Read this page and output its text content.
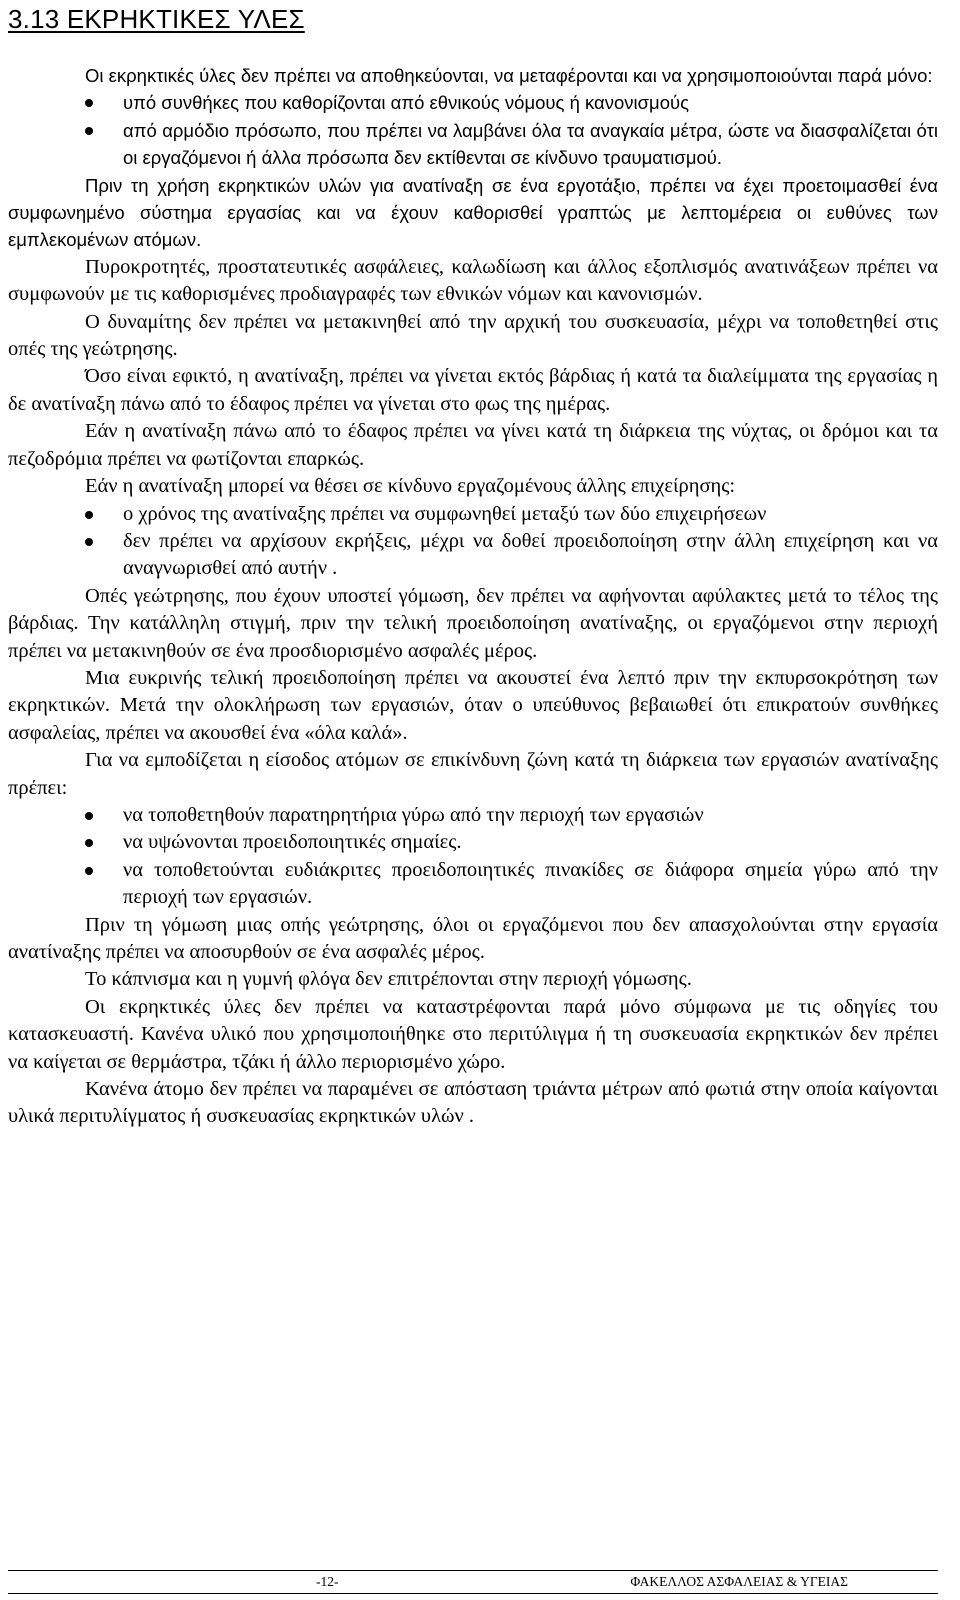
3.13 ΕΚΡΗΚΤΙΚΕΣ ΥΛΕΣ
Οι εκρηκτικές ύλες δεν πρέπει να αποθηκεύονται, να μεταφέρονται και να χρησιμοποιούνται παρά μόνο:
υπό συνθήκες που καθορίζονται από εθνικούς νόμους ή κανονισμούς
από αρμόδιο πρόσωπο, που πρέπει να λαμβάνει όλα τα αναγκαία μέτρα, ώστε να διασφαλίζεται ότι οι εργαζόμενοι ή άλλα πρόσωπα δεν εκτίθενται σε κίνδυνο τραυματισμού.
Πριν τη χρήση εκρηκτικών υλών για ανατίναξη σε ένα εργοτάξιο, πρέπει να έχει προετοιμασθεί ένα συμφωνημένο σύστημα εργασίας και να έχουν καθορισθεί γραπτώς με λεπτομέρεια οι ευθύνες των εμπλεκομένων ατόμων.
Πυροκροτητές, προστατευτικές ασφάλειες, καλωδίωση και άλλος εξοπλισμός ανατινάξεων πρέπει να συμφωνούν με τις καθορισμένες προδιαγραφές των εθνικών νόμων και κανονισμών.
Ο δυναμίτης δεν πρέπει να μετακινηθεί από την αρχική του συσκευασία, μέχρι να τοποθετηθεί στις οπές της γεώτρησης.
Όσο είναι εφικτό, η ανατίναξη, πρέπει να γίνεται εκτός βάρδιας ή κατά τα διαλείμματα της εργασίας η δε ανατίναξη πάνω από το έδαφος πρέπει να γίνεται στο φως της ημέρας.
Εάν η ανατίναξη πάνω από το έδαφος πρέπει να γίνει κατά τη διάρκεια της νύχτας, οι δρόμοι και τα πεζοδρόμια πρέπει να φωτίζονται επαρκώς.
Εάν η ανατίναξη μπορεί να θέσει σε κίνδυνο εργαζομένους άλλης επιχείρησης:
ο χρόνος της ανατίναξης πρέπει να συμφωνηθεί μεταξύ των δύο επιχειρήσεων
δεν πρέπει να αρχίσουν εκρήξεις, μέχρι να δοθεί προειδοποίηση στην άλλη επιχείρηση και να αναγνωρισθεί από αυτήν .
Οπές γεώτρησης, που έχουν υποστεί γόμωση, δεν πρέπει να αφήνονται αφύλακτες μετά το τέλος της βάρδιας. Την κατάλληλη στιγμή, πριν την τελική προειδοποίηση ανατίναξης, οι εργαζόμενοι στην περιοχή πρέπει να μετακινηθούν σε ένα προσδιορισμένο ασφαλές μέρος.
Μια ευκρινής τελική προειδοποίηση πρέπει να ακουστεί ένα λεπτό πριν την εκπυρσοκρότηση των εκρηκτικών. Μετά την ολοκλήρωση των εργασιών, όταν ο υπεύθυνος βεβαιωθεί ότι επικρατούν συνθήκες ασφαλείας, πρέπει να ακουσθεί ένα «όλα καλά».
Για να εμποδίζεται η είσοδος ατόμων σε επικίνδυνη ζώνη κατά τη διάρκεια των εργασιών ανατίναξης πρέπει:
να τοποθετηθούν παρατηρητήρια γύρω από την περιοχή των εργασιών
να υψώνονται προειδοποιητικές σημαίες.
να τοποθετούνται ευδιάκριτες προειδοποιητικές πινακίδες σε διάφορα σημεία γύρω από την περιοχή των εργασιών.
Πριν τη γόμωση μιας οπής γεώτρησης, όλοι οι εργαζόμενοι που δεν απασχολούνται στην εργασία ανατίναξης πρέπει να αποσυρθούν σε ένα ασφαλές μέρος.
Το κάπνισμα και η γυμνή φλόγα δεν επιτρέπονται στην περιοχή γόμωσης.
Οι εκρηκτικές ύλες δεν πρέπει να καταστρέφονται παρά μόνο σύμφωνα με τις οδηγίες του κατασκευαστή. Κανένα υλικό που χρησιμοποιήθηκε στο περιτύλιγμα ή τη συσκευασία εκρηκτικών δεν πρέπει να καίγεται σε θερμάστρα, τζάκι ή άλλο περιορισμένο χώρο.
Κανένα άτομο δεν πρέπει να παραμένει σε απόσταση τριάντα μέτρων από φωτιά στην οποία καίγονται υλικά περιτυλίγματος ή συσκευασίας εκρηκτικών υλών .
-12-	ΦΑΚΕΛΛΟΣ ΑΣΦΑΛΕΙΑΣ & ΥΓΕΙΑΣ
